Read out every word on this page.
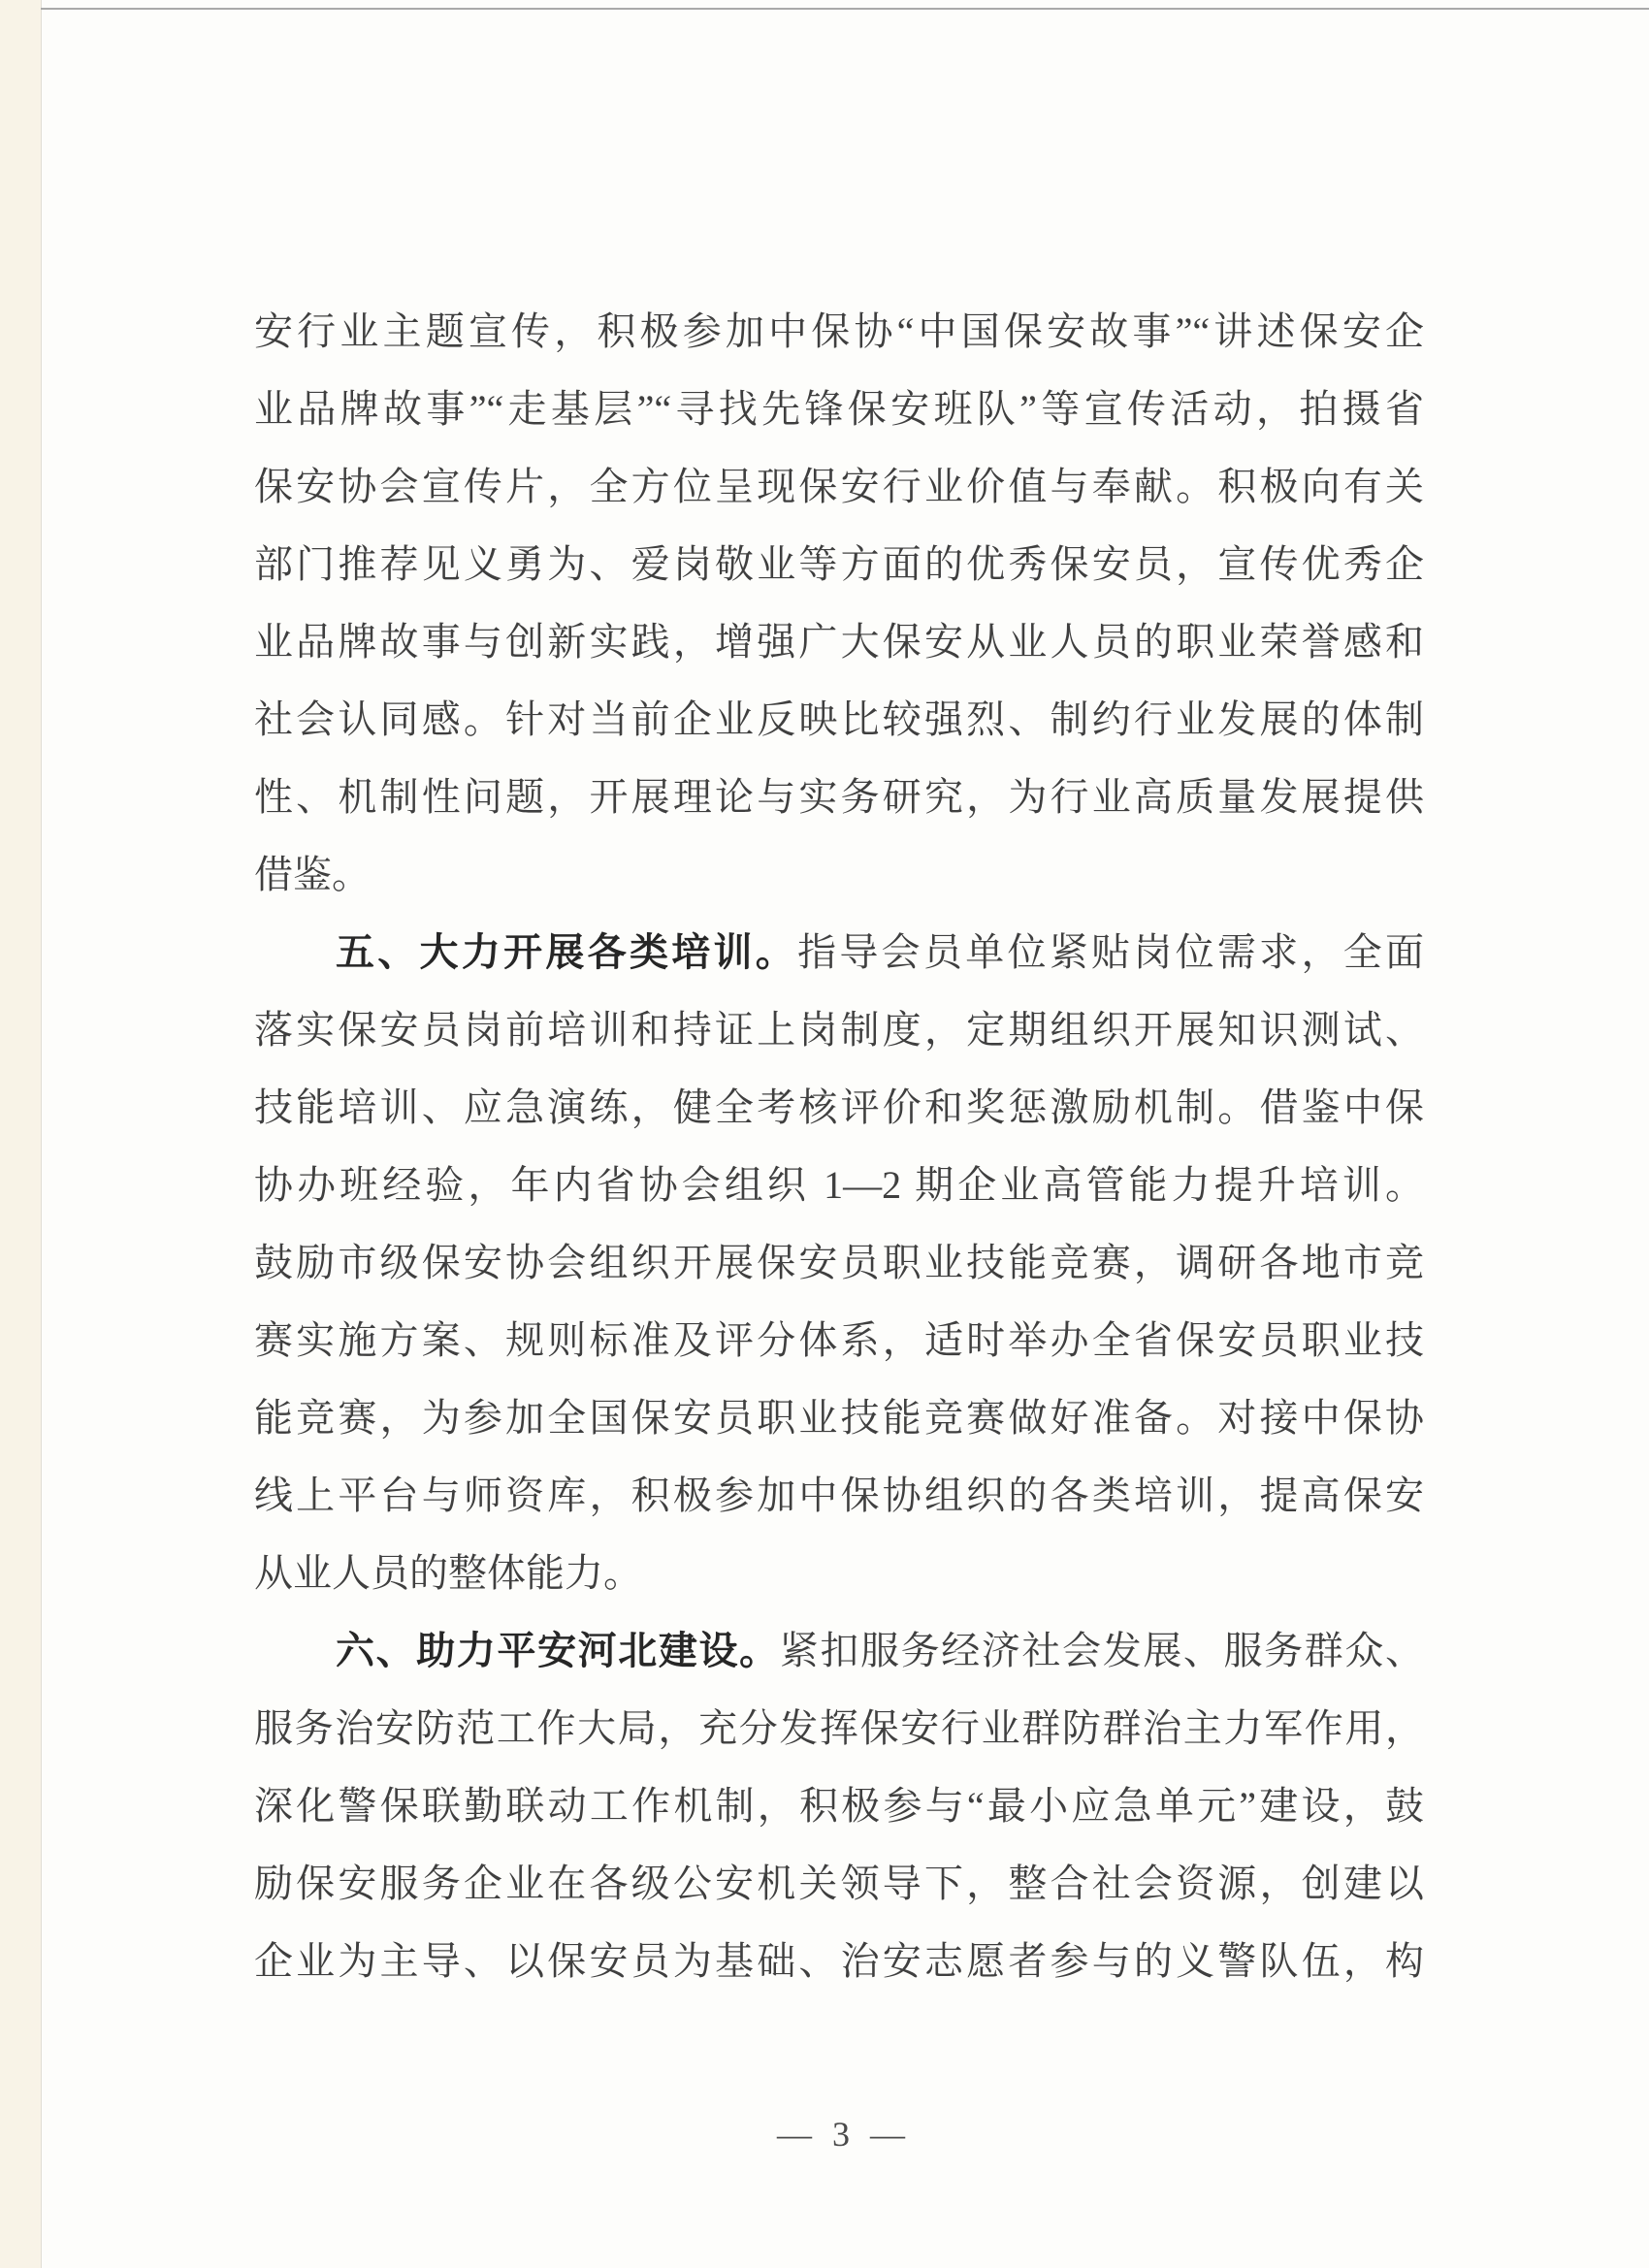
安行业主题宣传，积极参加中保协“中国保安故事”“讲述保安企
业品牌故事”“走基层”“寻找先锋保安班队”等宣传活动，拍摄省
保安协会宣传片，全方位呈现保安行业价值与奉献。积极向有关
部门推荐见义勇为、爱岗敬业等方面的优秀保安员，宣传优秀企
业品牌故事与创新实践，增强广大保安从业人员的职业荣誉感和
社会认同感。针对当前企业反映比较强烈、制约行业发展的体制
性、机制性问题，开展理论与实务研究，为行业高质量发展提供
借鉴。
五、大力开展各类培训。指导会员单位紧贴岗位需求，全面
落实保安员岗前培训和持证上岗制度，定期组织开展知识测试、
技能培训、应急演练，健全考核评价和奖惩激励机制。借鉴中保
协办班经验，年内省协会组织 1—2 期企业高管能力提升培训。
鼓励市级保安协会组织开展保安员职业技能竞赛，调研各地市竞
赛实施方案、规则标准及评分体系，适时举办全省保安员职业技
能竞赛，为参加全国保安员职业技能竞赛做好准备。对接中保协
线上平台与师资库，积极参加中保协组织的各类培训，提高保安
从业人员的整体能力。
六、助力平安河北建设。紧扣服务经济社会发展、服务群众、
服务治安防范工作大局，充分发挥保安行业群防群治主力军作用，
深化警保联勤联动工作机制，积极参与“最小应急单元”建设，鼓
励保安服务企业在各级公安机关领导下，整合社会资源，创建以
企业为主导、以保安员为基础、治安志愿者参与的义警队伍，构
— 3 —
